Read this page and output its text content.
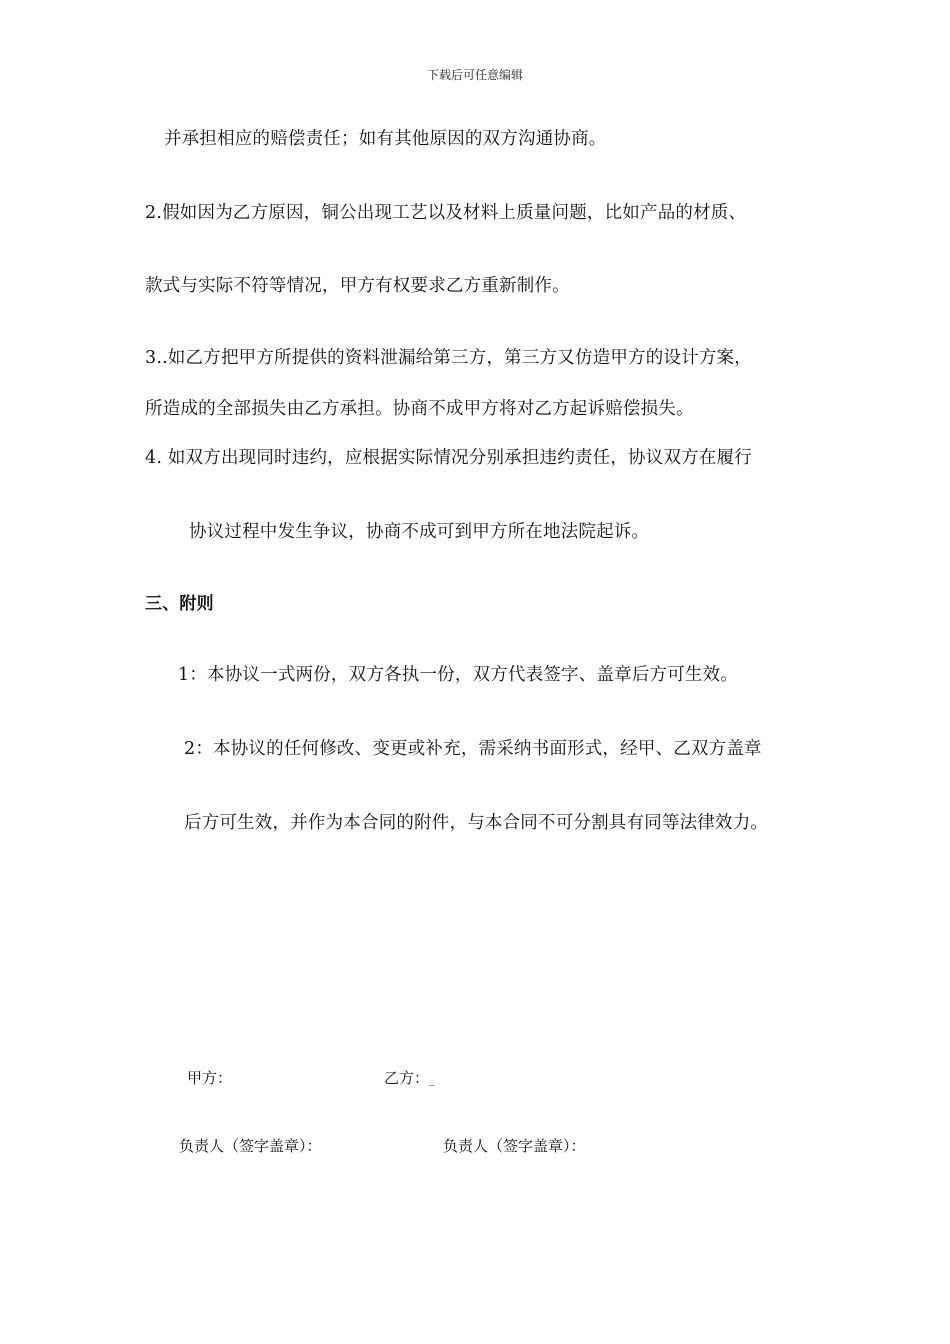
下载后可任意编辑
并承担相应的赔偿责任；如有其他原因的双方沟通协商。
2.假如因为乙方原因，铜公出现工艺以及材料上质量问题，比如产品的材质、
款式与实际不符等情况，甲方有权要求乙方重新制作。
3..如乙方把甲方所提供的资料泄漏给第三方，第三方又仿造甲方的设计方案，
所造成的全部损失由乙方承担。协商不成甲方将对乙方起诉赔偿损失。
4. 如双方出现同时违约，应根据实际情况分别承担违约责任，协议双方在履行
协议过程中发生争议，协商不成可到甲方所在地法院起诉。
三、附则
1：本协议一式两份，双方各执一份，双方代表签字、盖章后方可生效。
2：本协议的任何修改、变更或补充，需采纳书面形式，经甲、乙双方盖章
后方可生效，并作为本合同的附件，与本合同不可分割具有同等法律效力。
甲方：	乙方：_
负责人（签字盖章）：	负责人（签字盖章）：
